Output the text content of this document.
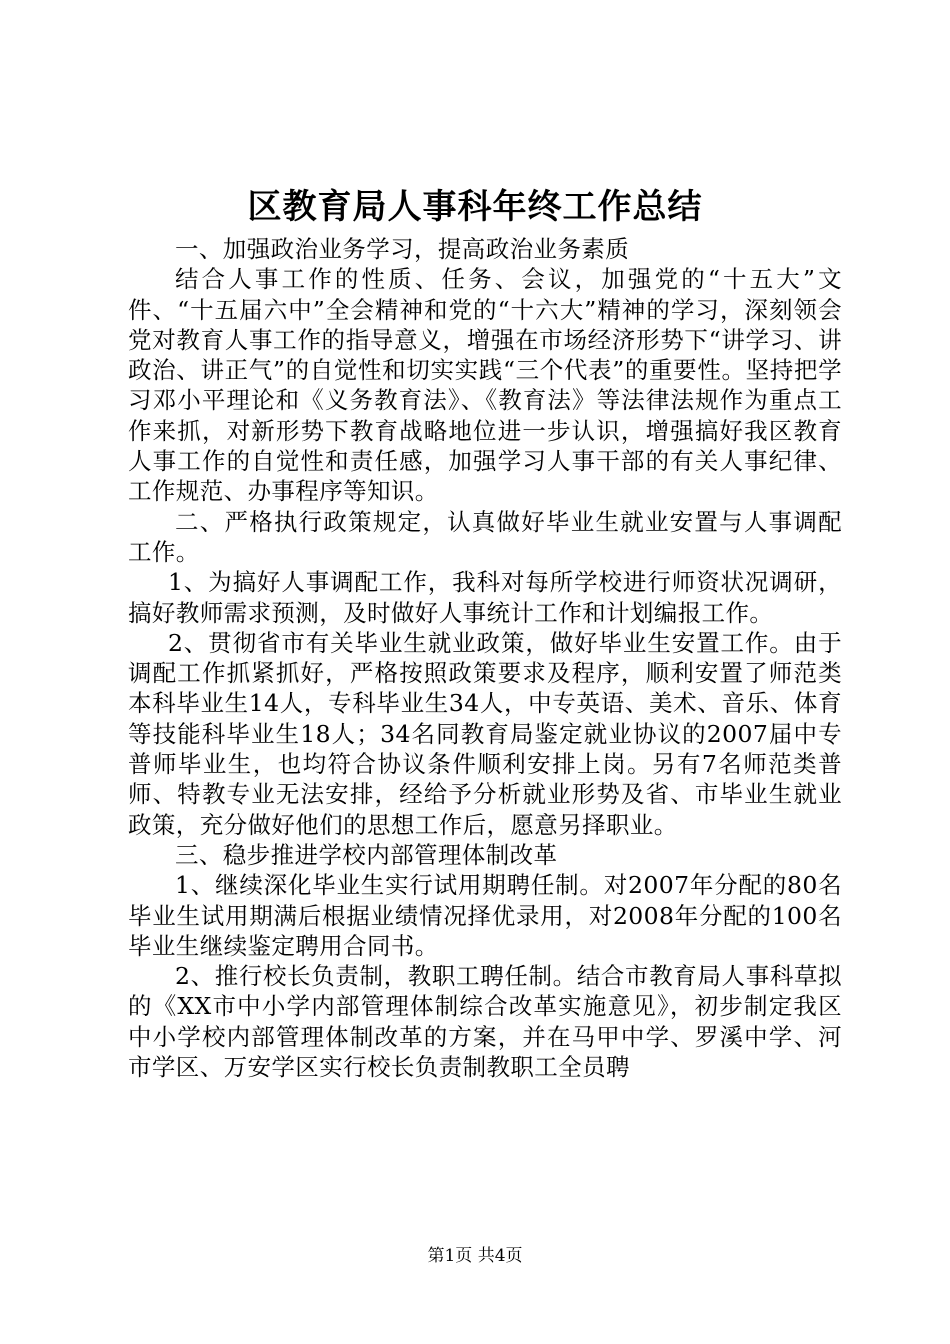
区教育局人事科年终工作总结

一、加强政治业务学习，提高政治业务素质

结合人事工作的性质、任务、会议，加强党的“十五大”文件、“十五届六中”全会精神和党的“十六大”精神的学习，深刻领会党对教育人事工作的指导意义，增强在市场经济形势下“讲学习、讲政治、讲正气”的自觉性和切实实践“三个代表”的重要性。坚持把学习邓小平理论和《义务教育法》、《教育法》等法律法规作为重点工作来抓，对新形势下教育战略地位进一步认识，增强搞好我区教育人事工作的自觉性和责任感，加强学习人事干部的有关人事纪律、工作规范、办事程序等知识。

二、严格执行政策规定，认真做好毕业生就业安置与人事调配工作。

1、为搞好人事调配工作，我科对每所学校进行师资状况调研，搞好教师需求预测，及时做好人事统计工作和计划编报工作。

2、贯彻省市有关毕业生就业政策，做好毕业生安置工作。由于调配工作抓紧抓好，严格按照政策要求及程序，顺利安置了师范类本科毕业生14人，专科毕业生34人，中专英语、美术、音乐、体育等技能科毕业生18人；34名同教育局鉴定就业协议的2007届中专普师毕业生，也均符合协议条件顺利安排上岗。另有7名师范类普师、特教专业无法安排，经给予分析就业形势及省、市毕业生就业政策，充分做好他们的思想工作后，愿意另择职业。

三、稳步推进学校内部管理体制改革

1、继续深化毕业生实行试用期聘任制。对2007年分配的80名毕业生试用期满后根据业绩情况择优录用，对2008年分配的100名毕业生继续鉴定聘用合同书。

2、推行校长负责制，教职工聘任制。结合市教育局人事科草拟的《XX市中小学内部管理体制综合改革实施意见》，初步制定我区中小学校内部管理体制改革的方案，并在马甲中学、罗溪中学、河市学区、万安学区实行校长负责制教职工全员聘

第1页 共4页
